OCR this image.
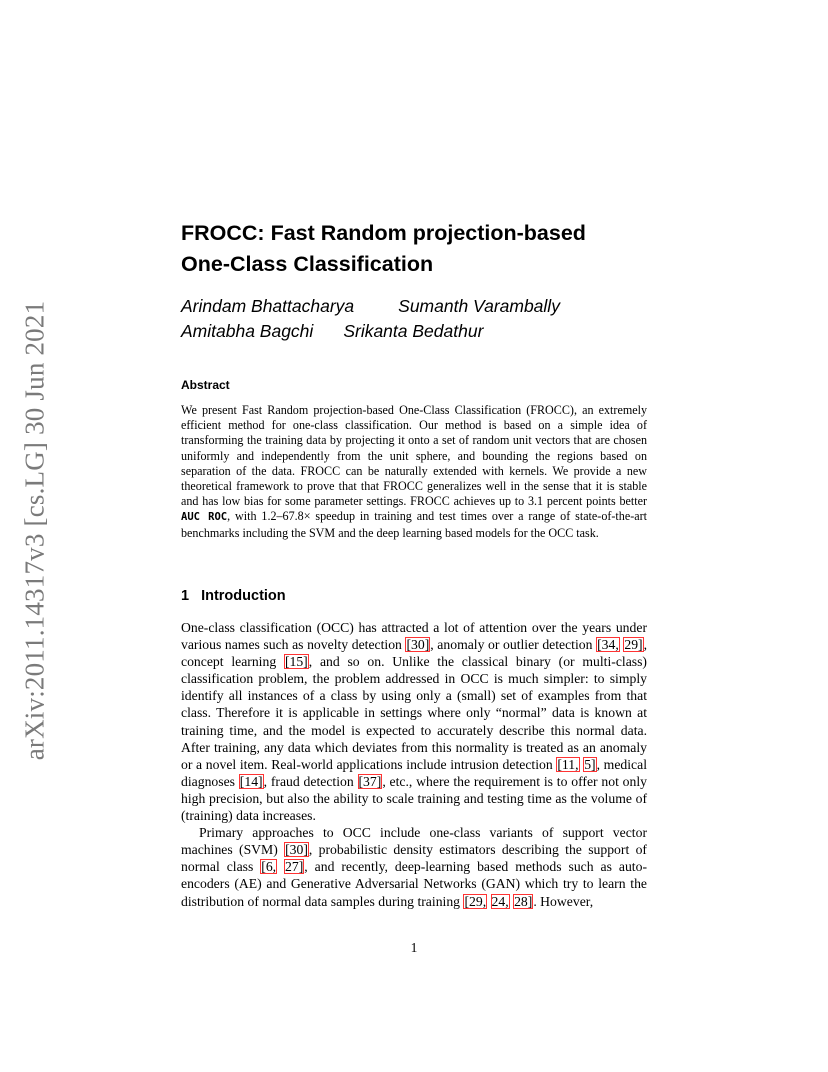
arXiv:2011.14317v3 [cs.LG] 30 Jun 2021
FROCC: Fast Random projection-based
One-Class Classification
Arindam Bhattacharya	Sumanth Varambally
Amitabha Bagchi Srikanta Bedathur
Abstract

We present Fast Random projection-based One-Class Classification (FROCC), an extremely efficient method for one-class classification. Our method is based on a simple idea of transforming the training data by projecting it onto a set of random unit vectors that are chosen uniformly and independently from the unit sphere, and bounding the regions based on separation of the data. FROCC can be naturally extended with kernels. We provide a new theoretical framework to prove that that FROCC generalizes well in the sense that it is stable and has low bias for some parameter settings. FROCC achieves up to 3.1 percent points better AUC ROC, with 1.2–67.8× speedup in training and test times over a range of state-of-the-art benchmarks including the SVM and the deep learning based models for the OCC task.

1 Introduction

One-class classification (OCC) has attracted a lot of attention over the years under various names such as novelty detection [30], anomaly or outlier detection [34, 29], concept learning [15], and so on. Unlike the classical binary (or multi-class) classification problem, the problem addressed in OCC is much simpler: to simply identify all instances of a class by using only a (small) set of examples from that class. Therefore it is applicable in settings where only “normal” data is known at training time, and the model is expected to accurately describe this normal data. After training, any data which deviates from this normality is treated as an anomaly or a novel item. Real-world applications include intrusion detection [11, 5], medical diagnoses [14], fraud detection [37], etc., where the requirement is to offer not only high precision, but also the ability to scale training and testing time as the volume of (training) data increases.

Primary approaches to OCC include one-class variants of support vector machines (SVM) [30], probabilistic density estimators describing the support of normal class [6, 27], and recently, deep-learning based methods such as auto-encoders (AE) and Generative Adversarial Networks (GAN) which try to learn the distribution of normal data samples during training [29, 24, 28]. However,

1
